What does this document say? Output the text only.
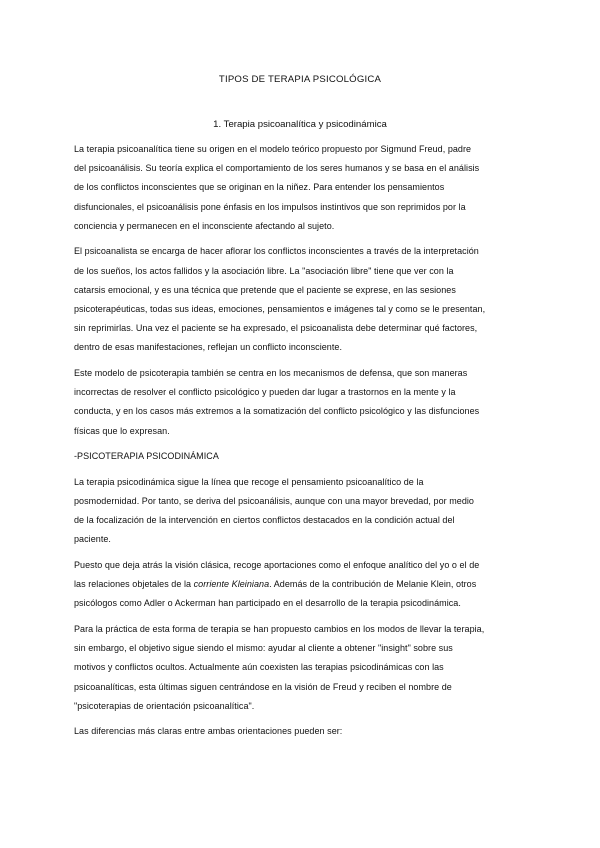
TIPOS DE TERAPIA PSICOLÓGICA
1. Terapia psicoanalítica y psicodinámica

La terapia psicoanalítica tiene su origen en el modelo teórico propuesto por Sigmund Freud, padre
del psicoanálisis. Su teoría explica el comportamiento de los seres humanos y se basa en el análisis
de los conflictos inconscientes que se originan en la niñez. Para entender los pensamientos
disfuncionales, el psicoanálisis pone énfasis en los impulsos instintivos que son reprimidos por la
conciencia y permanecen en el inconsciente afectando al sujeto.

El psicoanalista se encarga de hacer aflorar los conflictos inconscientes a través de la interpretación
de los sueños, los actos fallidos y la asociación libre. La "asociación libre" tiene que ver con la
catarsis emocional, y es una técnica que pretende que el paciente se exprese, en las sesiones
psicoterapéuticas, todas sus ideas, emociones, pensamientos e imágenes tal y como se le presentan,
sin reprimirlas. Una vez el paciente se ha expresado, el psicoanalista debe determinar qué factores,
dentro de esas manifestaciones, reflejan un conflicto inconsciente.

Este modelo de psicoterapia también se centra en los mecanismos de defensa, que son maneras
incorrectas de resolver el conflicto psicológico y pueden dar lugar a trastornos en la mente y la
conducta, y en los casos más extremos a la somatización del conflicto psicológico y las disfunciones
físicas que lo expresan.

-PSICOTERAPIA PSICODINÁMICA

La terapia psicodinámica sigue la línea que recoge el pensamiento psicoanalítico de la
posmodernidad. Por tanto, se deriva del psicoanálisis, aunque con una mayor brevedad, por medio
de la focalización de la intervención en ciertos conflictos destacados en la condición actual del
paciente.

Puesto que deja atrás la visión clásica, recoge aportaciones como el enfoque analítico del yo o el de
las relaciones objetales de la corriente Kleiniana. Además de la contribución de Melanie Klein, otros
psicólogos como Adler o Ackerman han participado en el desarrollo de la terapia psicodinámica.

Para la práctica de esta forma de terapia se han propuesto cambios en los modos de llevar la terapia,
sin embargo, el objetivo sigue siendo el mismo: ayudar al cliente a obtener "insight" sobre sus
motivos y conflictos ocultos. Actualmente aún coexisten las terapias psicodinámicas con las
psicoanalíticas, esta últimas siguen centrándose en la visión de Freud y reciben el nombre de
"psicoterapias de orientación psicoanalítica".

Las diferencias más claras entre ambas orientaciones pueden ser:
